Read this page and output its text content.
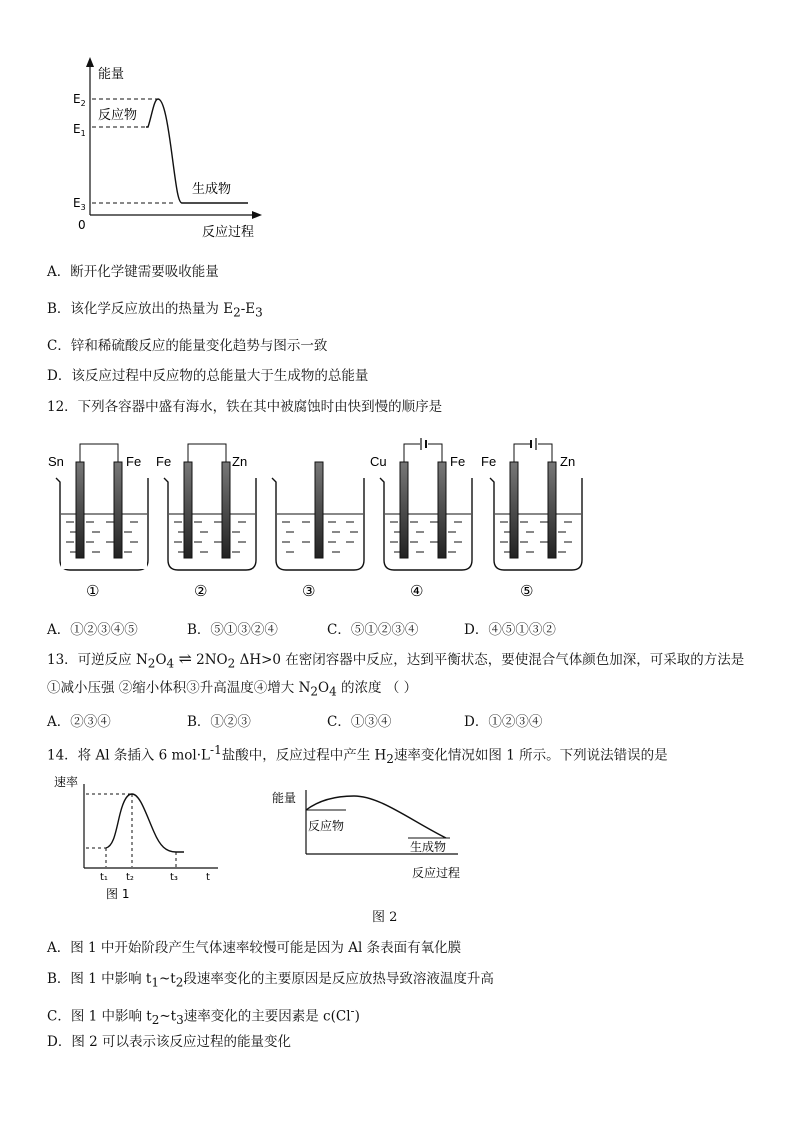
能量
反应过程
0
$E_2$
$E_1$
$E_3$
反应物
生成物
A．断开化学键需要吸收能量
B．该化学反应放出的热量为 $E_2-E_3$
C．锌和稀硫酸反应的能量变化趋势与图示一致
D．该反应过程中反应物的总能量大于生成物的总能量
12．下列各容器中盛有海水，铁在其中被腐蚀时由快到慢的顺序是
Sn	Fe
①
Fe	Zn
②	③
Cu	Fe
④
Fe	Zn
⑤
A．①②③④⑤	B．⑤①③②④	C．⑤①②③④	D．④⑤①③②
13．可逆反应 $N_2O_4$ ⇌ $2NO_2$ ΔH>0 在密闭容器中反应，达到平衡状态，要使混合气体颜色加深，可采取的方法是
①减小压强 ②缩小体积③升高温度④增大 $N_2O_4$ 的浓度 （ ）
A．②③④	B．①②③	C．①③④	D．①②③④
14．将 Al 条插入 6 $mol\cdot L^{-1}$盐酸中，反应过程中产生 $H_2$速率变化情况如图 1 所示。下列说法错误的是
速率
t₁ t₂	t₃	t
图 1
能量
反应物
生成物
反应过程
图 2
A．图 1 中开始阶段产生气体速率较慢可能是因为 Al 条表面有氧化膜
B．图 1 中影响 $t_1\sim t_2$段速率变化的主要原因是反应放热导致溶液温度升高
C．图 1 中影响 $t_2\sim t_3$速率变化的主要因素是 c(Cl-)
D．图 2 可以表示该反应过程的能量变化
